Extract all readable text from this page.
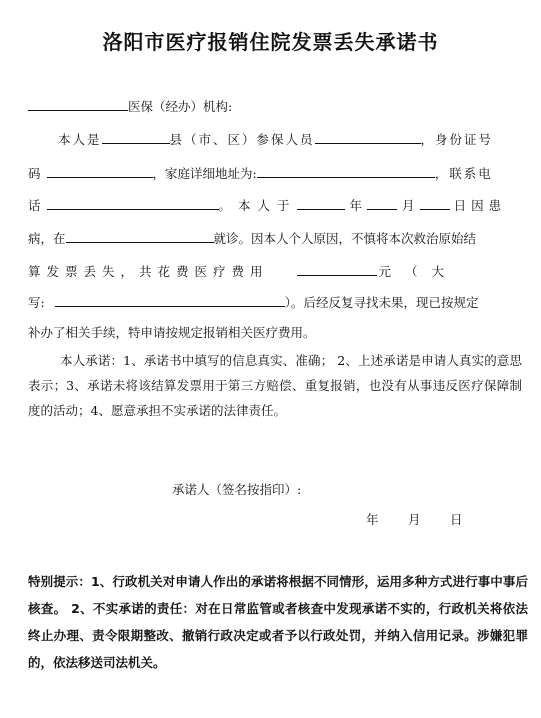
洛阳市医疗报销住院发票丢失承诺书
医保（经办）机构:
本人是	县（市、区）参保人员	，身份证号
码	，家庭详细地址为:	，联系电
话	。本人于	年	月	日因患
病，在	就诊。因本人个人原因，不慎将本次救治原始结
算发票丢失，共花费医疗费用	元（大
写:	）。后经反复寻找未果，现已按规定
补办了相关手续，特申请按规定报销相关医疗费用。
本人承诺：1、承诺书中填写的信息真实、准确； 2、上述承诺是申请人真实的意思表示；3、承诺未将该结算发票用于第三方赔偿、重复报销，也没有从事违反医疗保障制度的活动；4、愿意承担不实承诺的法律责任。
承诺人（签名按指印）:
年 月 日
特别提示：1、行政机关对申请人作出的承诺将根据不同情形，运用多种方式进行事中事后核查。 2、不实承诺的责任：对在日常监管或者核查中发现承诺不实的，行政机关将依法终止办理、责令限期整改、撤销行政决定或者予以行政处罚，并纳入信用记录。涉嫌犯罪的，依法移送司法机关。
